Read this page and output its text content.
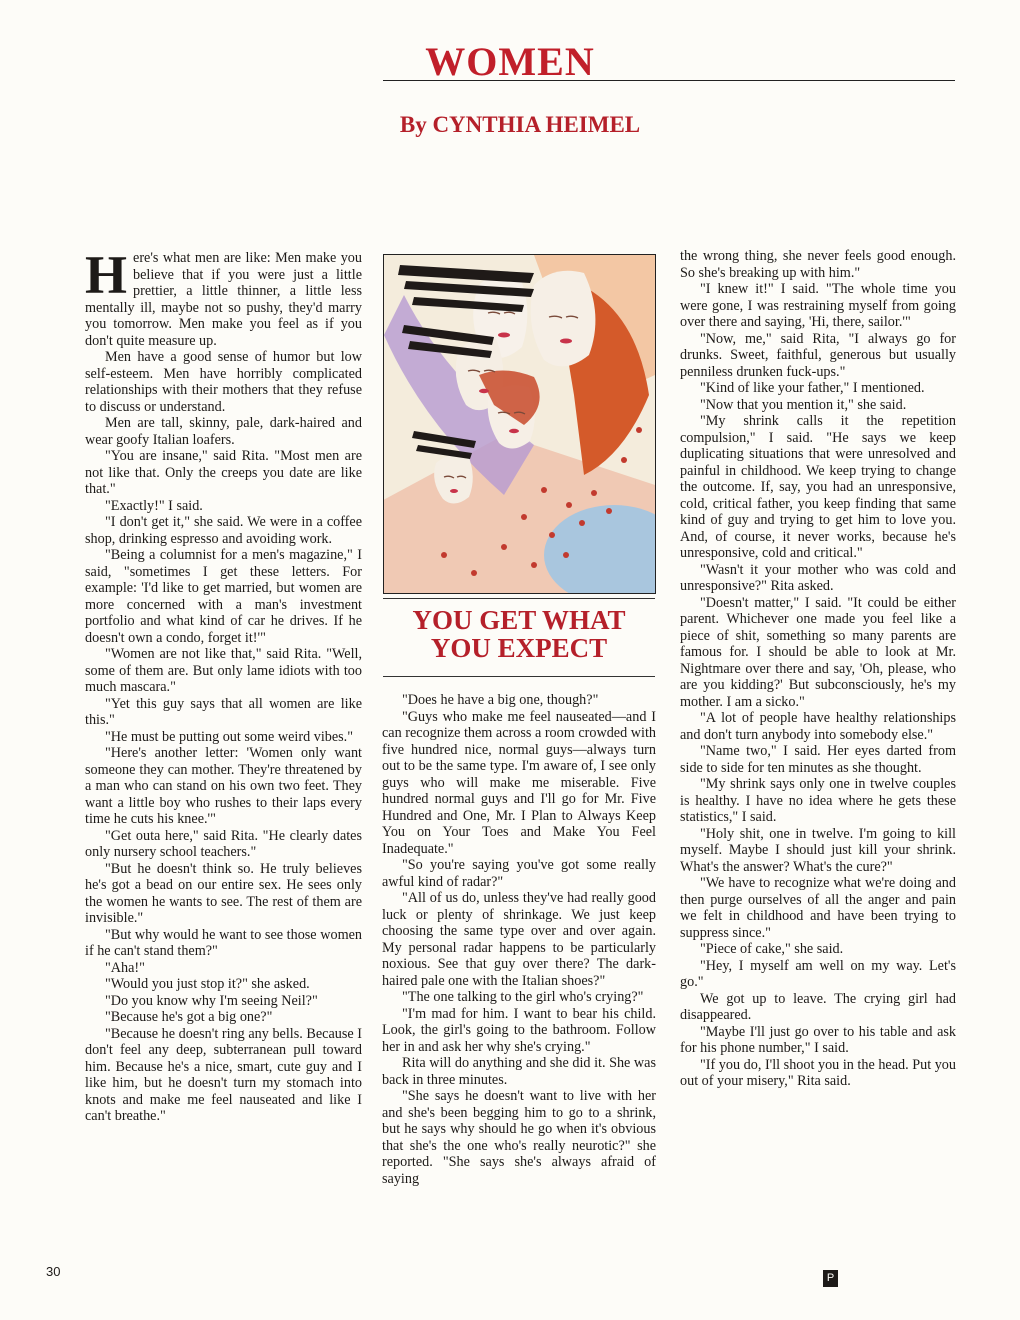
WOMEN
By CYNTHIA HEIMEL

Here's what men are like: Men make you believe that if you were just a little prettier, a little thinner, a little less mentally ill, maybe not so pushy, they'd marry you tomorrow. Men make you feel as if you don't quite measure up.

Men have a good sense of humor but low self-esteem. Men have horribly complicated relationships with their mothers that they refuse to discuss or understand.

Men are tall, skinny, pale, dark-haired and wear goofy Italian loafers.

"You are insane," said Rita. "Most men are not like that. Only the creeps you date are like that."

"Exactly!" I said.

"I don't get it," she said. We were in a coffee shop, drinking espresso and avoiding work.

"Being a columnist for a men's magazine," I said, "sometimes I get these letters. For example: 'I'd like to get married, but women are more concerned with a man's investment portfolio and what kind of car he drives. If he doesn't own a condo, forget it!'"

"Women are not like that," said Rita. "Well, some of them are. But only lame idiots with too much mascara."

"Yet this guy says that all women are like this."

"He must be putting out some weird vibes."

"Here's another letter: 'Women only want someone they can mother. They're threatened by a man who can stand on his own two feet. They want a little boy who rushes to their laps every time he cuts his knee.'"

"Get outa here," said Rita. "He clearly dates only nursery school teachers."

"But he doesn't think so. He truly believes he's got a bead on our entire sex. He sees only the women he wants to see. The rest of them are invisible."

"But why would he want to see those women if he can't stand them?"

"Aha!"

"Would you just stop it?" she asked.

"Do you know why I'm seeing Neil?"

"Because he's got a big one?"

"Because he doesn't ring any bells. Because I don't feel any deep, subterranean pull toward him. Because he's a nice, smart, cute guy and I like him, but he doesn't turn my stomach into knots and make me feel nauseated and like I can't breathe."

YOU GET WHAT
YOU EXPECT

"Does he have a big one, though?"

"Guys who make me feel nauseated—and I can recognize them across a room crowded with five hundred nice, normal guys—always turn out to be the same type. I'm aware of, I see only guys who will make me miserable. Five hundred normal guys and I'll go for Mr. Five Hundred and One, Mr. I Plan to Always Keep You on Your Toes and Make You Feel Inadequate."

"So you're saying you've got some really awful kind of radar?"

"All of us do, unless they've had really good luck or plenty of shrinkage. We just keep choosing the same type over and over again. My personal radar happens to be particularly noxious. See that guy over there? The dark-haired pale one with the Italian shoes?"

"The one talking to the girl who's crying?"

"I'm mad for him. I want to bear his child. Look, the girl's going to the bathroom. Follow her in and ask her why she's crying."

Rita will do anything and she did it. She was back in three minutes.

"She says he doesn't want to live with her and she's been begging him to go to a shrink, but he says why should he go when it's obvious that she's the one who's really neurotic?" she reported. "She says she's always afraid of saying

the wrong thing, she never feels good enough. So she's breaking up with him."

"I knew it!" I said. "The whole time you were gone, I was restraining myself from going over there and saying, 'Hi, there, sailor.'"

"Now, me," said Rita, "I always go for drunks. Sweet, faithful, generous but usually penniless drunken fuck-ups."

"Kind of like your father," I mentioned.

"Now that you mention it," she said.

"My shrink calls it the repetition compulsion," I said. "He says we keep duplicating situations that were unresolved and painful in childhood. We keep trying to change the outcome. If, say, you had an unresponsive, cold, critical father, you keep finding that same kind of guy and trying to get him to love you. And, of course, it never works, because he's unresponsive, cold and critical."

"Wasn't it your mother who was cold and unresponsive?" Rita asked.

"Doesn't matter," I said. "It could be either parent. Whichever one made you feel like a piece of shit, something so many parents are famous for. I should be able to look at Mr. Nightmare over there and say, 'Oh, please, who are you kidding?' But subconsciously, he's my mother. I am a sicko."

"A lot of people have healthy relationships and don't turn anybody into somebody else."

"Name two," I said. Her eyes darted from side to side for ten minutes as she thought.

"My shrink says only one in twelve couples is healthy. I have no idea where he gets these statistics," I said.

"Holy shit, one in twelve. I'm going to kill myself. Maybe I should just kill your shrink. What's the answer? What's the cure?"

"We have to recognize what we're doing and then purge ourselves of all the anger and pain we felt in childhood and have been trying to suppress since."

"Piece of cake," she said.

"Hey, I myself am well on my way. Let's go."

We got up to leave. The crying girl had disappeared.

"Maybe I'll just go over to his table and ask for his phone number," I said.

"If you do, I'll shoot you in the head. Put you out of your misery," Rita said.

30	P
